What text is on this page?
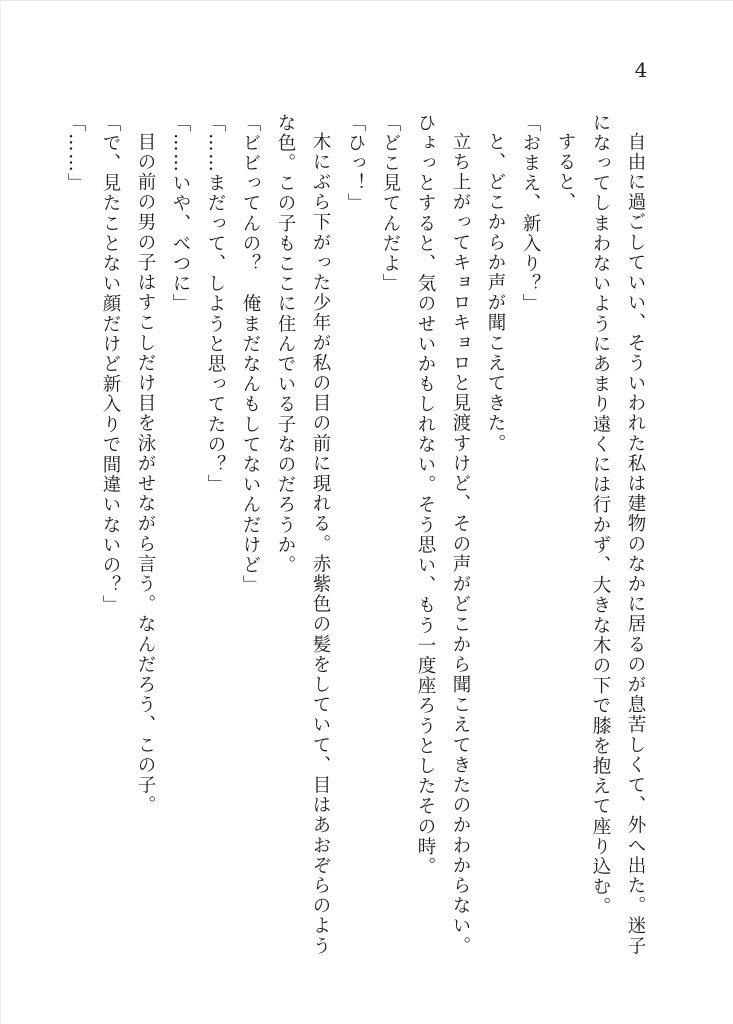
4

自由に過ごしていい、そういわれた私は建物のなかに居るのが息苦しくて、外へ出た。迷子

になってしまわないようにあまり遠くには行かず、大きな木の下で膝を抱えて座り込む。

すると、

「おまえ、新入り？」

と、どこからか声が聞こえてきた。

立ち上がってキョロキョロと見渡すけど、その声がどこから聞こえてきたのかわからない。

ひょっとすると、気のせいかもしれない。そう思い、もう一度座ろうとしたその時。

「どこ見てんだよ」

「ひっ！」

木にぶら下がった少年が私の目の前に現れる。赤紫色の髪をしていて、目はあおぞらのよう

な色。この子もここに住んでいる子なのだろうか。

「ビビってんの？　俺まだなんもしてないんだけど」

「……まだって、しようと思ってたの？」

「……いや、べつに」

目の前の男の子はすこしだけ目を泳がせながら言う。なんだろう、この子。

「で、見たことない顔だけど新入りで間違いないの？」

「……」
